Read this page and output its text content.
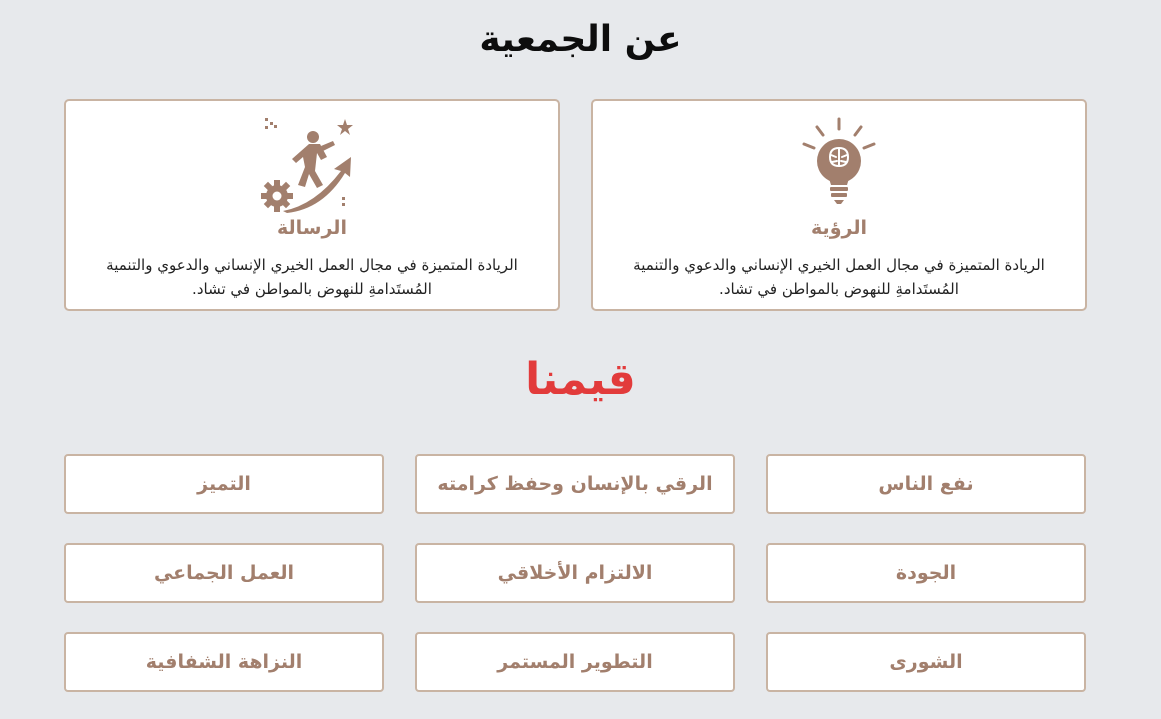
عن الجمعية
الرؤية
الريادة المتميزة في مجال العمل الخيري الإنساني والدعوي والتنمية
المُستَدامةِ للنهوض بالمواطن في تشاد.
الرسالة
الريادة المتميزة في مجال العمل الخيري الإنساني والدعوي والتنمية
المُستَدامةِ للنهوض بالمواطن في تشاد.
قيمنا
نفع الناس
الرقي بالإنسان وحفظ كرامته
التميز
الجودة
الالتزام الأخلاقي
العمل الجماعي
الشورى
التطوير المستمر
النزاهة الشفافية
